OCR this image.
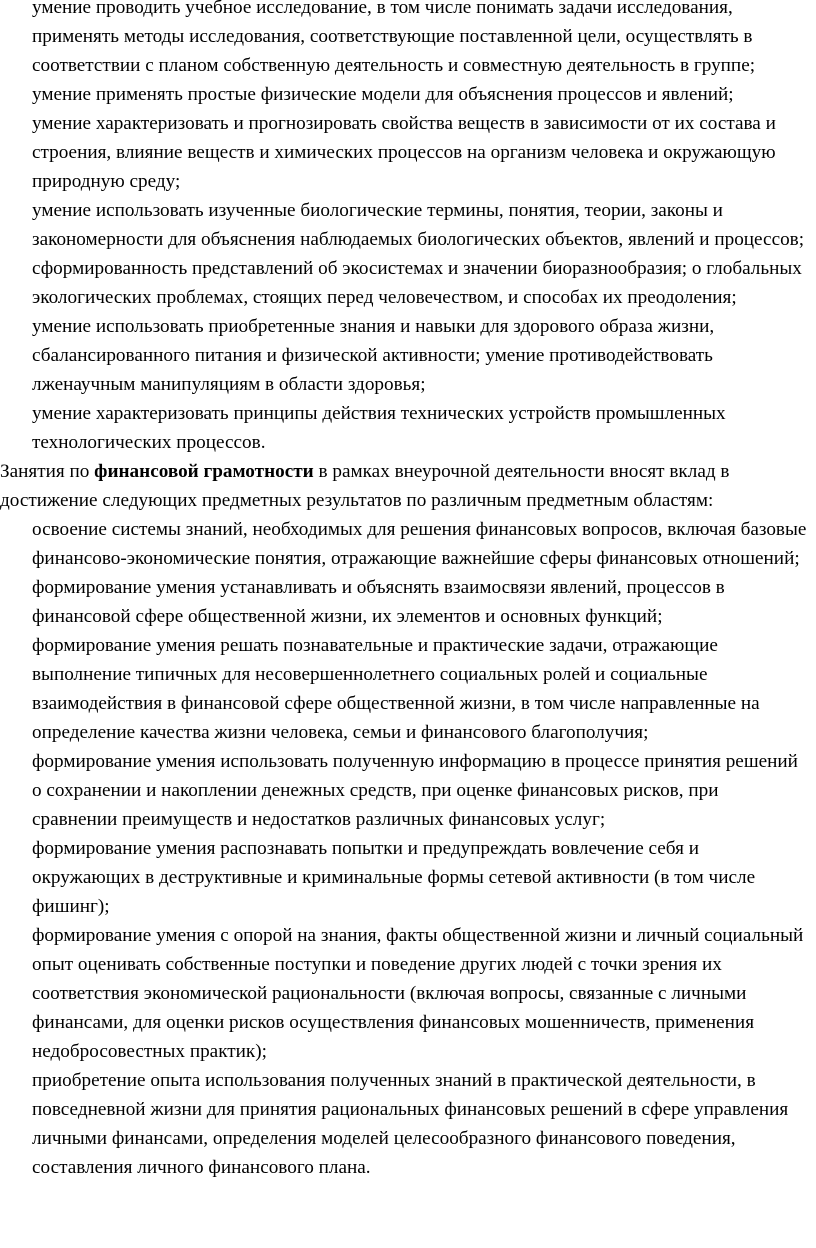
умение проводить учебное исследование, в том числе понимать задачи исследования, применять методы исследования, соответствующие поставленной цели, осуществлять в соответствии с планом собственную деятельность и совместную деятельность в группе;

умение применять простые физические модели для объяснения процессов и явлений;

умение характеризовать и прогнозировать свойства веществ в зависимости от их состава и строения, влияние веществ и химических процессов на организм человека и окружающую природную среду;

умение использовать изученные биологические термины, понятия, теории, законы и закономерности для объяснения наблюдаемых биологических объектов, явлений и процессов;

сформированность представлений об экосистемах и значении биоразнообразия; о глобальных экологических проблемах, стоящих перед человечеством, и способах их преодоления;

умение использовать приобретенные знания и навыки для здорового образа жизни, сбалансированного питания и физической активности; умение противодействовать лженаучным манипуляциям в области здоровья;

умение характеризовать принципы действия технических устройств промышленных технологических процессов.

Занятия по финансовой грамотности в рамках внеурочной деятельности вносят вклад в достижение следующих предметных результатов по различным предметным областям:

освоение системы знаний, необходимых для решения финансовых вопросов, включая базовые финансово-экономические понятия, отражающие важнейшие сферы финансовых отношений;

формирование умения устанавливать и объяснять взаимосвязи явлений, процессов в финансовой сфере общественной жизни, их элементов и основных функций;

формирование умения решать познавательные и практические задачи, отражающие выполнение типичных для несовершеннолетнего социальных ролей и социальные взаимодействия в финансовой сфере общественной жизни, в том числе направленные на определение качества жизни человека, семьи и финансового благополучия;

формирование умения использовать полученную информацию в процессе принятия решений о сохранении и накоплении денежных средств, при оценке финансовых рисков, при сравнении преимуществ и недостатков различных финансовых услуг;

формирование умения распознавать попытки и предупреждать вовлечение себя и окружающих в деструктивные и криминальные формы сетевой активности (в том числе фишинг);

формирование умения с опорой на знания, факты общественной жизни и личный социальный опыт оценивать собственные поступки и поведение других людей с точки зрения их соответствия экономической рациональности (включая вопросы, связанные с личными финансами, для оценки рисков осуществления финансовых мошенничеств, применения недобросовестных практик);

приобретение опыта использования полученных знаний в практической деятельности, в повседневной жизни для принятия рациональных финансовых решений в сфере управления личными финансами, определения моделей целесообразного финансового поведения, составления личного финансового плана.
